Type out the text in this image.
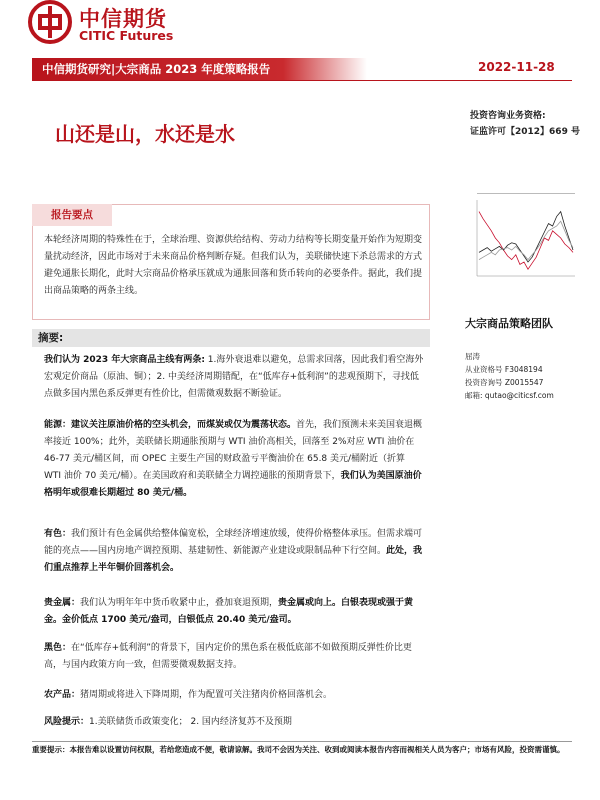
中信期货
CITIC Futures
中信期货研究|大宗商品 2023 年度策略报告	2022-11-28
山还是山，水还是水
投资咨询业务资格:
证监许可【2012】669 号
报告要点
本轮经济周期的特殊性在于，全球治理、资源供给结构、劳动力结构等长期变量开始作为短期变量扰动经济，因此市场对于未来商品价格判断存疑。但我们认为，美联储快速下杀总需求的方式避免通胀长期化，此时大宗商品价格承压就成为通胀回落和货币转向的必要条件。据此，我们提出商品策略的两条主线。
大宗商品策略团队
屈涛
从业资格号 F3048194
投资咨询号 Z0015547
邮箱: qutao@citicsf.com
摘要:
我们认为 2023 年大宗商品主线有两条: 1.海外衰退难以避免，总需求回落，因此我们看空海外宏观定价商品（原油、铜）；2. 中美经济周期错配，在“低库存+低利润”的悲观预期下，寻找低点做多国内黑色系反弹更有性价比，但需微观数据不断验证。
能源：建议关注原油价格的空头机会，而煤炭或仅为震荡状态。首先，我们预测未来美国衰退概率接近 100%；此外，美联储长期通胀预期与 WTI 油价高相关，回落至 2%对应 WTI 油价在 46-77 美元/桶区间，而 OPEC 主要生产国的财政盈亏平衡油价在 65.8 美元/桶附近（折算 WTI 油价 70 美元/桶）。在美国政府和美联储全力调控通胀的预期背景下，我们认为美国原油价格明年或很难长期超过 80 美元/桶。
有色：我们预计有色金属供给整体偏宽松，全球经济增速放缓，使得价格整体承压。但需求端可能的亮点——国内房地产调控预期、基建韧性、新能源产业建设或限制品种下行空间。此处，我们重点推荐上半年铜价回落机会。
贵金属：我们认为明年年中货币收紧中止，叠加衰退预期，贵金属或向上。白银表现或强于黄金。金价低点 1700 美元/盎司，白银低点 20.40 美元/盎司。
黑色：在“低库存+低利润”的背景下，国内定价的黑色系在极低底部不如做预期反弹性价比更高，与国内政策方向一致，但需要微观数据支持。
农产品：猪周期或将进入下降周期，作为配置可关注猪肉价格回落机会。
风险提示：1.美联储货币政策变化； 2. 国内经济复苏不及预期
重要提示：本报告难以设置访问权限，若给您造成不便，敬请谅解。我司不会因为关注、收到或阅读本报告内容而视相关人员为客户；市场有风险，投资需谨慎。
